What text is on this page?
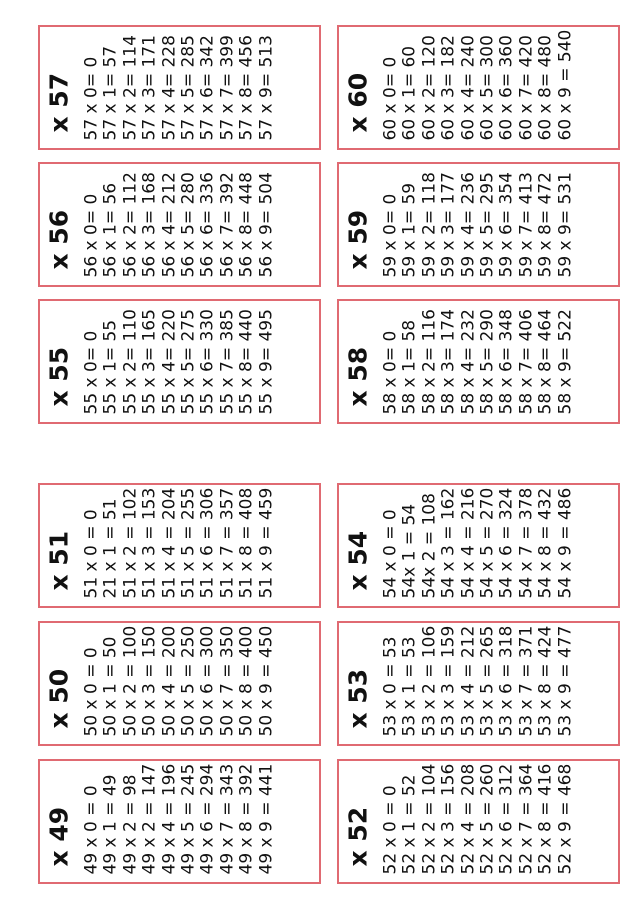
x 49 49 x 0 = 0 49 x 1 = 49 49 x 2 = 98 49 x 2 = 147 49 x 4 = 196 49 x 5 = 245 49 x 6 = 294 49 x 7 = 343 49 x 8 = 392 49 x 9 = 441
x 50 50 x 0 = 0 50 x 1 = 50 50 x 2 = 100 50 x 3 = 150 50 x 4 = 200 50 x 5 = 250 50 x 6 = 300 50 x 7 = 350 50 x 8 = 400 50 x 9 = 450
x 51 51 x 0 = 0 21 x 1 = 51 51 x 2 = 102 51 x 3 = 153 51 x 4 = 204 51 x 5 = 255 51 x 6 = 306 51 x 7 = 357 51 x 8 = 408 51 x 9 = 459
x 52 52 x 0 = 0 52 x 1 = 52 52 x 2 = 104 52 x 3 = 156 52 x 4 = 208 52 x 5 = 260 52 x 6 = 312 52 x 7 = 364 52 x 8 = 416 52 x 9 = 468
x 53 53 x 0 = 53 53 x 1 = 53 53 x 2 = 106 53 x 3 = 159 53 x 4 = 212 53 x 5 = 265 53 x 6 = 318 53 x 7 = 371 53 x 8 = 424 53 x 9 = 477
x 54 54 x 0 = 0 54x 1 = 54 54x 2 = 108 54 x 3 = 162 54 x 4 = 216 54 x 5 = 270 54 x 6 = 324 54 x 7 = 378 54 x 8 = 432 54 x 9 = 486
x 55 55 x 0= 0 55 x 1= 55 55 x 2= 110 55 x 3= 165 55 x 4= 220 55 x 5= 275 55 x 6= 330 55 x 7= 385 55 x 8= 440 55 x 9= 495
x 56 56 x 0= 0 56 x 1= 56 56 x 2= 112 56 x 3= 168 56 x 4= 212 56 x 5= 280 56 x 6= 336 56 x 7= 392 56 x 8= 448 56 x 9= 504
x 57 57 x 0= 0 57 x 1= 57 57 x 2= 114 57 x 3= 171 57 x 4= 228 57 x 5= 285 57 x 6= 342 57 x 7= 399 57 x 8= 456 57 x 9= 513
x 58 58 x 0= 0 58 x 1= 58 58 x 2= 116 58 x 3= 174 58 x 4= 232 58 x 5= 290 58 x 6= 348 58 x 7= 406 58 x 8= 464 58 x 9= 522
x 59 59 x 0= 0 59 x 1= 59 59 x 2= 118 59 x 3= 177 59 x 4= 236 59 x 5= 295 59 x 6= 354 59 x 7= 413 59 x 8= 472 59 x 9= 531
x 60 60 x 0= 0 60 x 1= 60 60 x 2= 120 60 x 3= 182 60 x 4= 240 60 x 5= 300 60 x 6= 360 60 x 7= 420 60 x 8= 480 60 x 9 = 540
